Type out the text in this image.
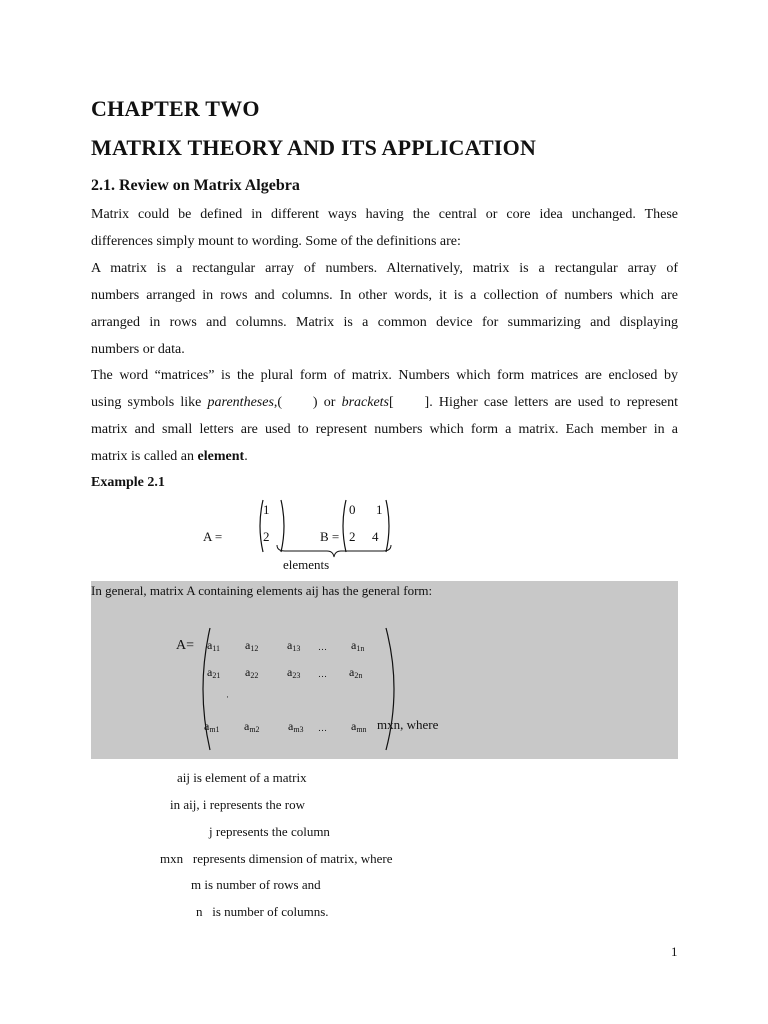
CHAPTER TWO
MATRIX THEORY AND ITS APPLICATION
2.1. Review on Matrix Algebra
Matrix could be defined in different ways having the central or core idea unchanged. These
differences simply mount to wording. Some of the definitions are:
A matrix is a rectangular array of numbers. Alternatively, matrix is a rectangular array of
numbers arranged in rows and columns. In other words, it is a collection of numbers which are
arranged in rows and columns. Matrix is a common device for summarizing and displaying
numbers or data.
The word “matrices” is the plural form of matrix. Numbers which form matrices are enclosed by
using symbols like parentheses,(     ) or brackets[     ]. Higher case letters are used to represent
matrix and small letters are used to represent numbers which form a matrix. Each member in a
matrix is called an element.
Example 2.1
A =
1
2	B =
0 1
2 4
elements
In general, matrix A containing elements aij has the general form:
$A= a_{11}$ $a_{12}$ $a_{13}$ … $a_{1n}$
$a_{21}$ $a_{22}$ $a_{23}$ … $a_{2n}$
·
$a_{m1}$ $a_{m2}$ $a_{m3}$ … $a_{mn}$ mxn, where
aij is element of a matrix
in aij, i represents the row
j represents the column
mxn   represents dimension of matrix, where
m is number of rows and
n   is number of columns.
1
